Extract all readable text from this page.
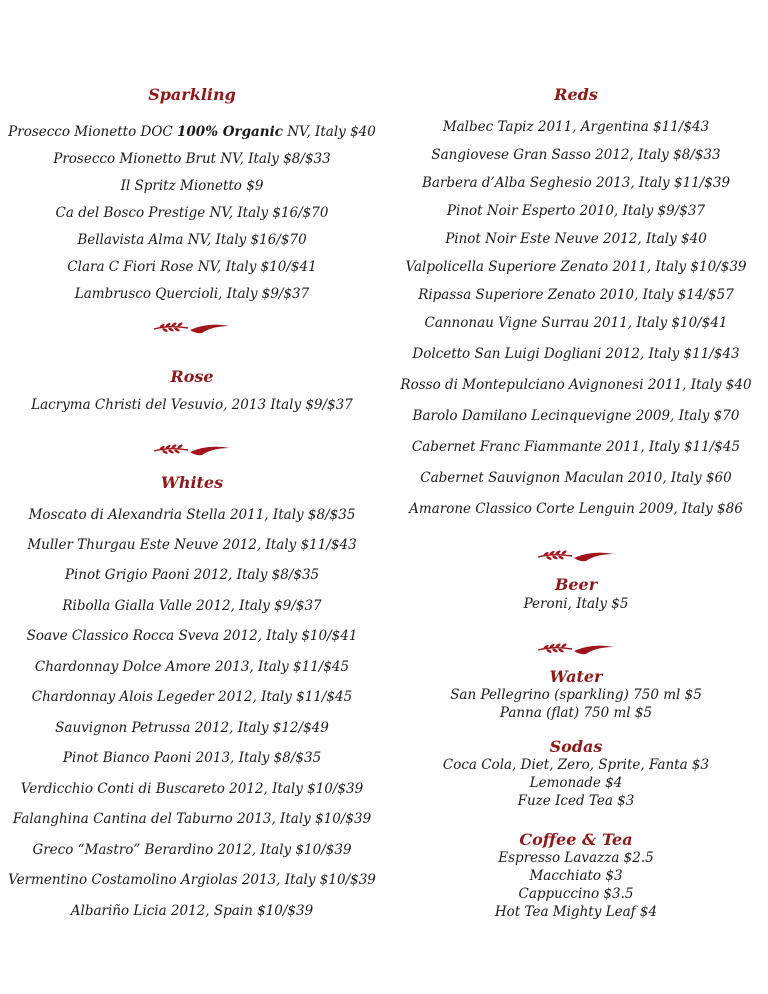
Sparkling
Prosecco Mionetto DOC 100% Organic NV, Italy $40
Prosecco Mionetto Brut NV, Italy $8/$33
Il Spritz Mionetto $9
Ca del Bosco Prestige NV, Italy $16/$70
Bellavista Alma NV, Italy $16/$70
Clara C Fiori Rose NV, Italy $10/$41
Lambrusco Quercioli, Italy $9/$37
Rose
Lacryma Christi del Vesuvio, 2013 Italy $9/$37
Whites
Moscato di Alexandria Stella 2011, Italy $8/$35
Muller Thurgau Este Neuve 2012, Italy $11/$43
Pinot Grigio Paoni 2012, Italy $8/$35
Ribolla Gialla Valle 2012, Italy $9/$37
Soave Classico Rocca Sveva 2012, Italy $10/$41
Chardonnay Dolce Amore 2013, Italy $11/$45
Chardonnay Alois Legeder 2012, Italy $11/$45
Sauvignon Petrussa 2012, Italy $12/$49
Pinot Bianco Paoni 2013, Italy $8/$35
Verdicchio Conti di Buscareto 2012, Italy $10/$39
Falanghina Cantina del Taburno 2013, Italy $10/$39
Greco “Mastro” Berardino 2012, Italy $10/$39
Vermentino Costamolino Argiolas 2013, Italy $10/$39
Albariño Licia 2012, Spain $10/$39
Reds
Malbec Tapiz 2011, Argentina $11/$43
Sangiovese Gran Sasso 2012, Italy $8/$33
Barbera d’Alba Seghesio 2013, Italy $11/$39
Pinot Noir Esperto 2010, Italy $9/$37
Pinot Noir Este Neuve 2012, Italy $40
Valpolicella Superiore Zenato 2011, Italy $10/$39
Ripassa Superiore Zenato 2010, Italy $14/$57
Cannonau Vigne Surrau 2011, Italy $10/$41
Dolcetto San Luigi Dogliani 2012, Italy $11/$43
Rosso di Montepulciano Avignonesi 2011, Italy $40
Barolo Damilano Lecinquevigne 2009, Italy $70
Cabernet Franc Fiammante 2011, Italy $11/$45
Cabernet Sauvignon Maculan 2010, Italy $60
Amarone Classico Corte Lenguin 2009, Italy $86
Beer
Peroni, Italy $5
Water
San Pellegrino (sparkling) 750 ml $5
Panna (flat) 750 ml $5
Sodas
Coca Cola, Diet, Zero, Sprite, Fanta $3
Lemonade $4
Fuze Iced Tea $3
Coffee & Tea
Espresso Lavazza $2.5
Macchiato $3
Cappuccino $3.5
Hot Tea Mighty Leaf $4
